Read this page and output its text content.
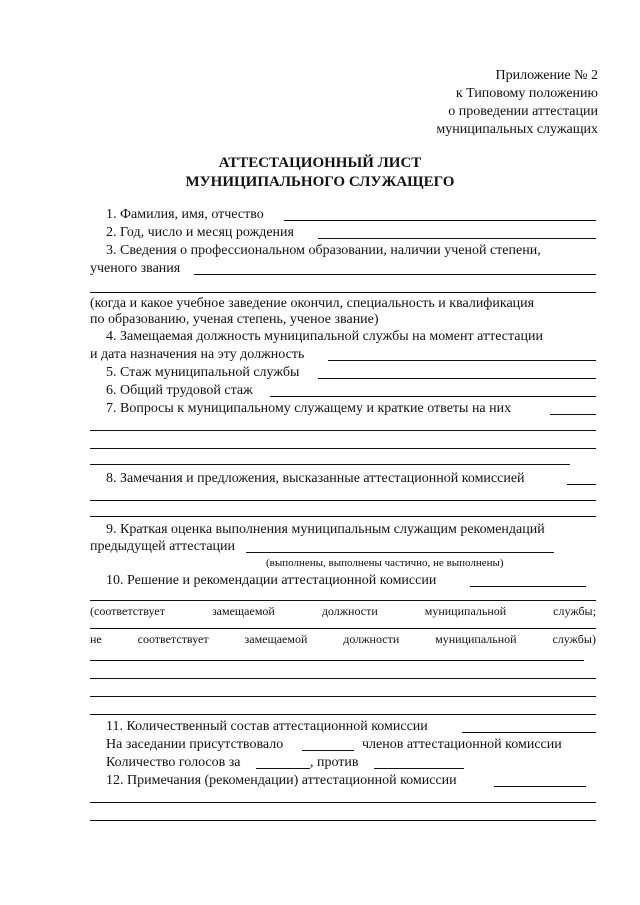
Приложение № 2
к Типовому положению
о проведении аттестации
муниципальных служащих
АТТЕСТАЦИОННЫЙ ЛИСТ
МУНИЦИПАЛЬНОГО СЛУЖАЩЕГО
1. Фамилия, имя, отчество
2. Год, число и месяц рождения
3. Сведения о профессиональном образовании, наличии ученой степени,
ученого звания
(когда и какое учебное заведение окончил, специальность и квалификация
по образованию, ученая степень, ученое звание)
4. Замещаемая должность муниципальной службы на момент аттестации
и дата назначения на эту должность
5. Стаж муниципальной службы
6. Общий трудовой стаж
7. Вопросы к муниципальному служащему и краткие ответы на них
8. Замечания и предложения, высказанные аттестационной комиссией
9. Краткая оценка выполнения муниципальным служащим рекомендаций
предыдущей аттестации
(выполнены, выполнены частично, не выполнены)
10. Решение и рекомендации аттестационной комиссии
(соответствует	замещаемой	должности	муниципальной	службы;
не	соответствует	замещаемой	должности	муниципальной	службы)
11. Количественный состав аттестационной комиссии
На заседании присутствовало	членов аттестационной комиссии
Количество голосов за	, против
12. Примечания (рекомендации) аттестационной комиссии
